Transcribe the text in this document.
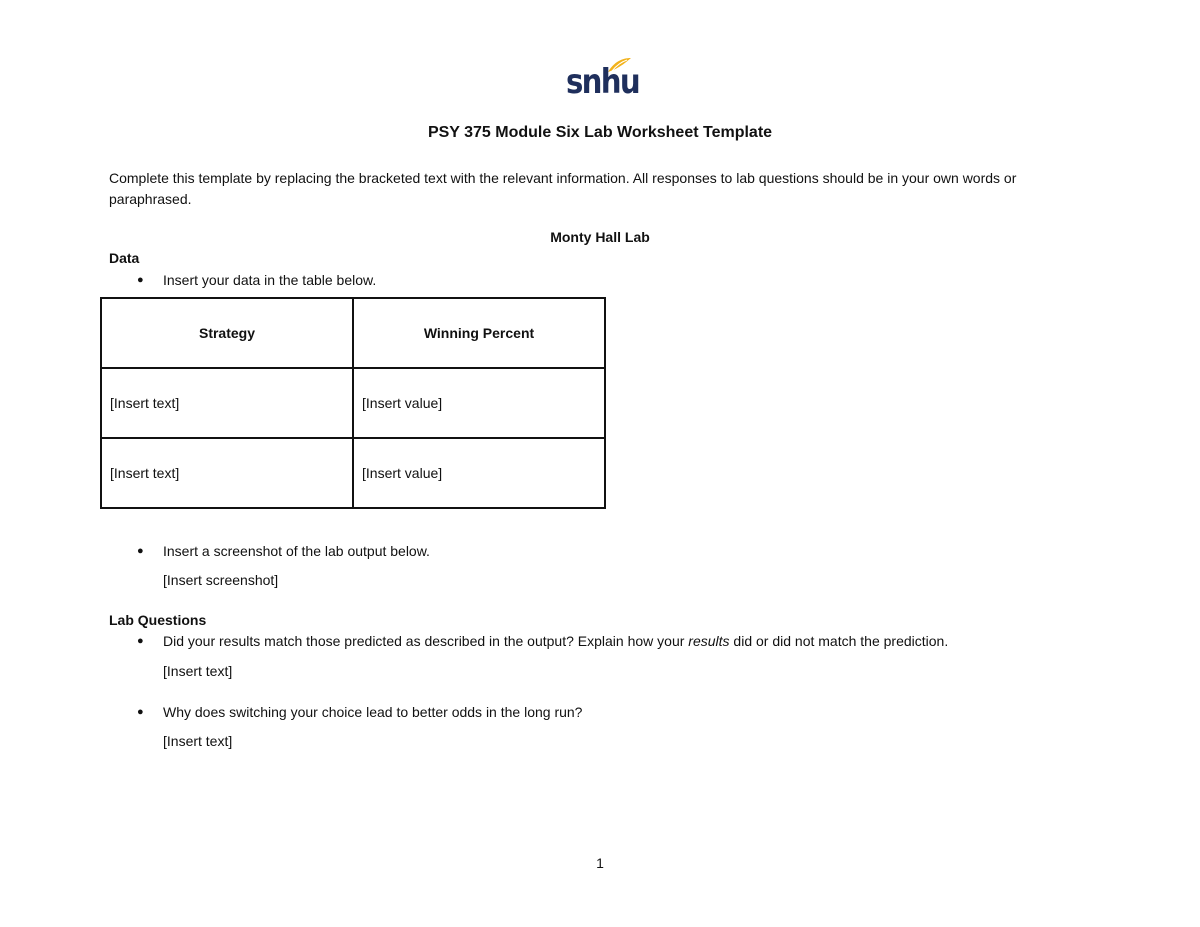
snhu
PSY 375 Module Six Lab Worksheet Template
Complete this template by replacing the bracketed text with the relevant information. All responses to lab questions should be in your own words or paraphrased.
Monty Hall Lab
Data
●	Insert your data in the table below.
Strategy	Winning Percent
[Insert text]	[Insert value]
[Insert text]	[Insert value]
●	Insert a screenshot of the lab output below.
[Insert screenshot]
Lab Questions
●	Did your results match those predicted as described in the output? Explain how your results did or did not match the prediction.
[Insert text]
●	Why does switching your choice lead to better odds in the long run?
[Insert text]
1
